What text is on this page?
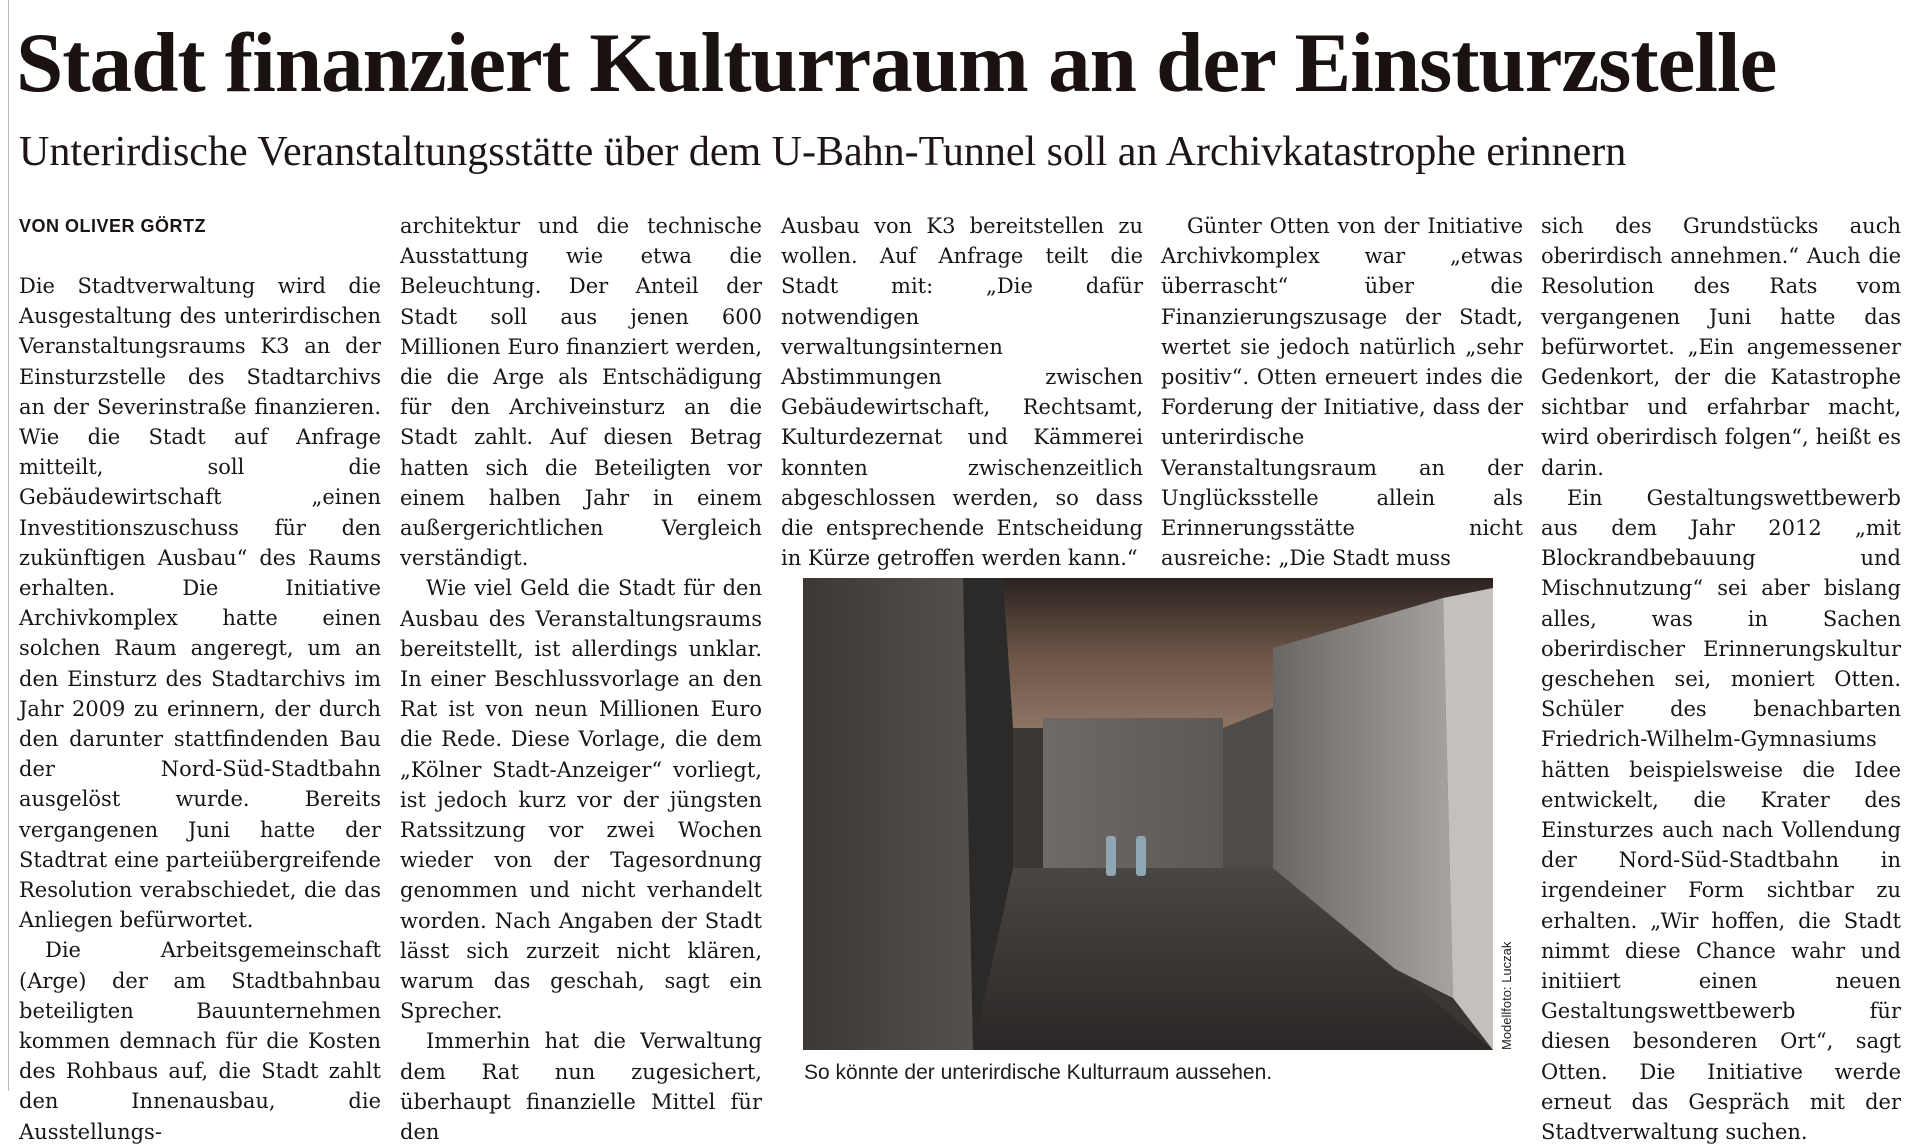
Stadt finanziert Kulturraum an der Einsturzstelle
Unterirdische Veranstaltungsstätte über dem U-Bahn-Tunnel soll an Archivkatastrophe erinnern

VON OLIVER GÖRTZ

Die Stadtverwaltung wird die Ausgestaltung des unterirdischen Veranstaltungsraums K3 an der Einsturzstelle des Stadtarchivs an der Severinstraße finanzieren. Wie die Stadt auf Anfrage mitteilt, soll die Gebäudewirtschaft „einen Investitionszuschuss für den zukünftigen Ausbau“ des Raums erhalten. Die Initiative Archivkomplex hatte einen solchen Raum angeregt, um an den Einsturz des Stadtarchivs im Jahr 2009 zu erinnern, der durch den darunter stattfindenden Bau der Nord-Süd-Stadtbahn ausgelöst wurde. Bereits vergangenen Juni hatte der Stadtrat eine parteiübergreifende Resolution verabschiedet, die das Anliegen befürwortet.

Die Arbeitsgemeinschaft (Arge) der am Stadtbahnbau beteiligten Bauunternehmen kommen demnach für die Kosten des Rohbaus auf, die Stadt zahlt den Innenausbau, die Ausstellungs-

architektur und die technische Ausstattung wie etwa die Beleuchtung. Der Anteil der Stadt soll aus jenen 600 Millionen Euro finanziert werden, die die Arge als Entschädigung für den Archiveinsturz an die Stadt zahlt. Auf diesen Betrag hatten sich die Beteiligten vor einem halben Jahr in einem außergerichtlichen Vergleich verständigt.

Wie viel Geld die Stadt für den Ausbau des Veranstaltungsraums bereitstellt, ist allerdings unklar. In einer Beschlussvorlage an den Rat ist von neun Millionen Euro die Rede. Diese Vorlage, die dem „Kölner Stadt-Anzeiger“ vorliegt, ist jedoch kurz vor der jüngsten Ratssitzung vor zwei Wochen wieder von der Tagesordnung genommen und nicht verhandelt worden. Nach Angaben der Stadt lässt sich zurzeit nicht klären, warum das geschah, sagt ein Sprecher.

Immerhin hat die Verwaltung dem Rat nun zugesichert, überhaupt finanzielle Mittel für den

Ausbau von K3 bereitstellen zu wollen. Auf Anfrage teilt die Stadt mit: „Die dafür notwendigen verwaltungsinternen Abstimmungen zwischen Gebäudewirtschaft, Rechtsamt, Kulturdezernat und Kämmerei konnten zwischenzeitlich abgeschlossen werden, so dass die entsprechende Entscheidung in Kürze getroffen werden kann.“

Günter Otten von der Initiative Archivkomplex war „etwas überrascht“ über die Finanzierungszusage der Stadt, wertet sie jedoch natürlich „sehr positiv“. Otten erneuert indes die Forderung der Initiative, dass der unterirdische Veranstaltungsraum an der Unglücksstelle allein als Erinnerungsstätte nicht ausreiche: „Die Stadt muss

sich des Grundstücks auch oberirdisch annehmen.“ Auch die Resolution des Rats vom vergangenen Juni hatte das befürwortet. „Ein angemessener Gedenkort, der die Katastrophe sichtbar und erfahrbar macht, wird oberirdisch folgen“, heißt es darin.

Ein Gestaltungswettbewerb aus dem Jahr 2012 „mit Blockrandbebauung und Mischnutzung“ sei aber bislang alles, was in Sachen oberirdischer Erinnerungskultur geschehen sei, moniert Otten. Schüler des benachbarten Friedrich-Wilhelm-Gymnasiums hätten beispielsweise die Idee entwickelt, die Krater des Einsturzes auch nach Vollendung der Nord-Süd-Stadtbahn in irgendeiner Form sichtbar zu erhalten. „Wir hoffen, die Stadt nimmt diese Chance wahr und initiiert einen neuen Gestaltungswettbewerb für diesen besonderen Ort“, sagt Otten. Die Initiative werde erneut das Gespräch mit der Stadtverwaltung suchen.

Modellfoto: Luczak

So könnte der unterirdische Kulturraum aussehen.
